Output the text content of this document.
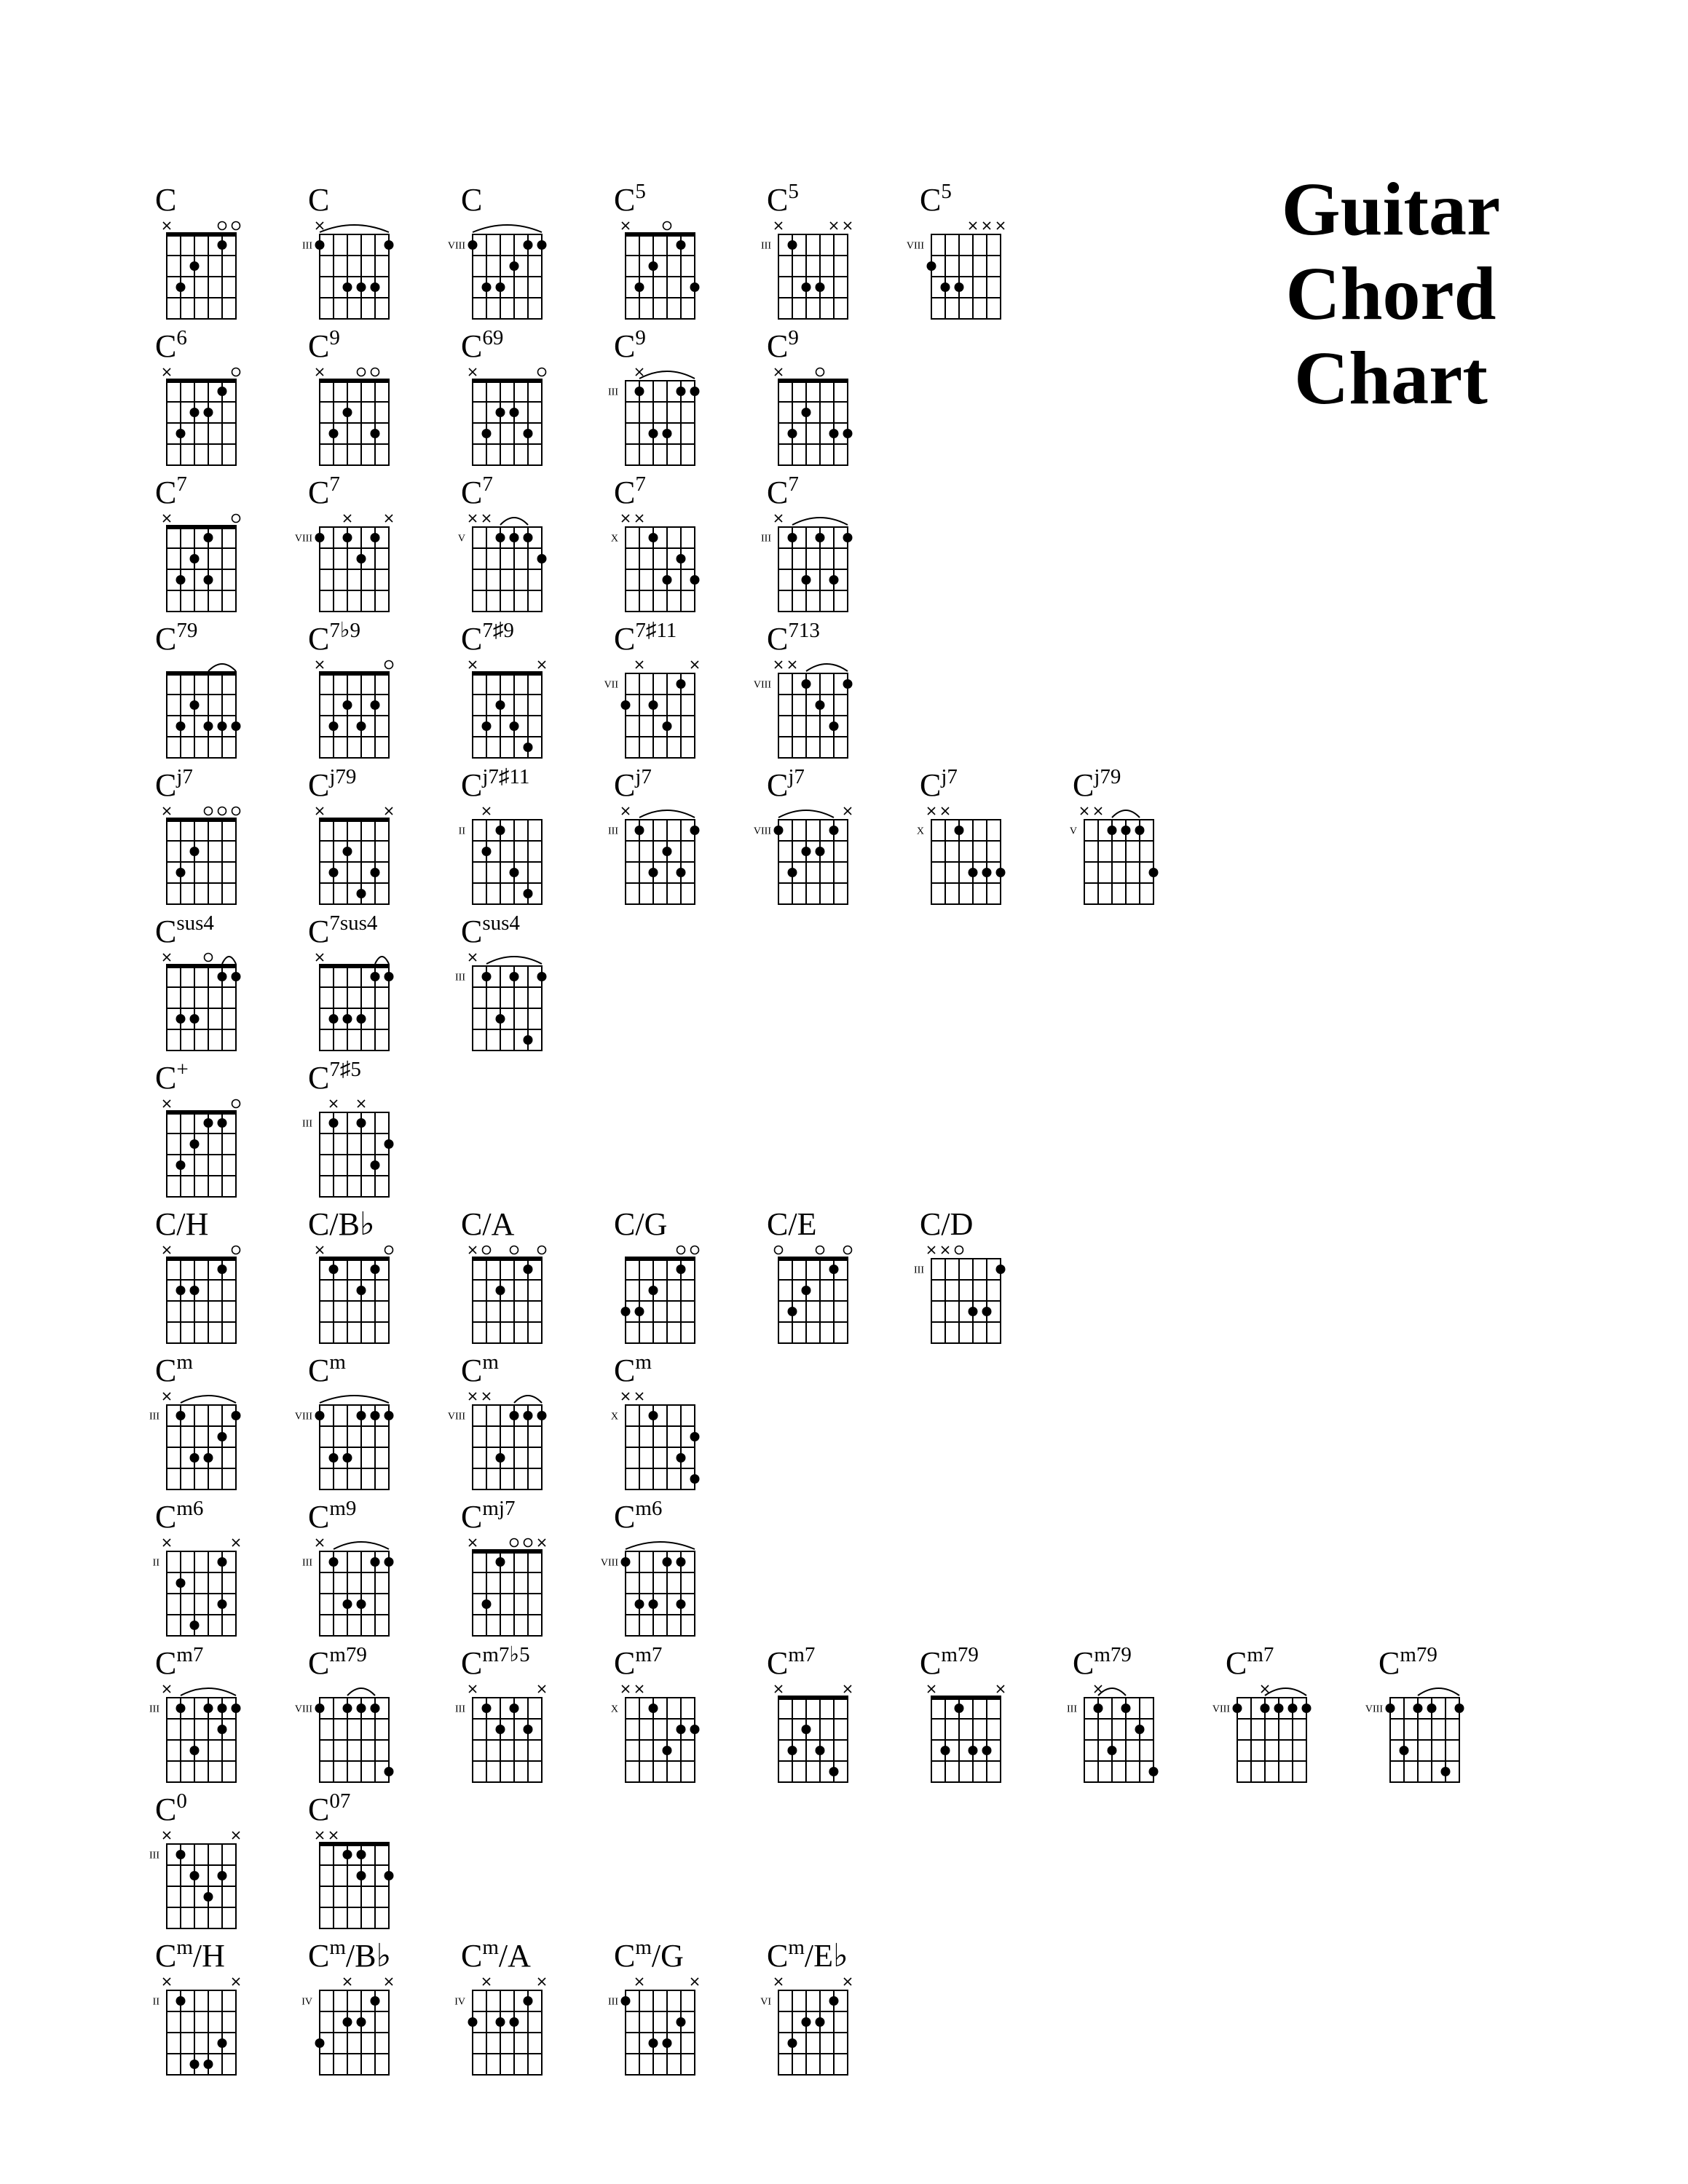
C	C
III
C
VIII
$C^5$	$C^5$
III
$C^5$
VIII
$C^6$	$C^9$	$C^{69}$	$C^9$
III
$C^9$
$C^7$	$C^7$
VIII
$C^7$
V
$C^7$
X
$C^7$
III
$C^{79}$	$C^{7♭9}$	$C^{7♯9}$	$C^{7♯11}$
VII
$C^{713}$
VIII
$C^{j7}$	$C^{j79}$	$C^{j7♯11}$
II
$C^{j7}$
III
$C^{j7}$
VIII
$C^{j7}$
X
$C^{j79}$
V
$C^{sus4}$	$C^{7sus4}$	$C^{sus4}$
III
C+	$C^{7♯5}$
III
C/H	C/B♭	C/A	C/G	C/E	C/D
III
$C^m$
III
$C^m$
VIII
$C^m$
VIII
$C^m$
X
$C^{m6}$
II
$C^{m9}$
III
$C^{mj7}$	$C^{m6}$
VIII
$C^{m7}$
III
$C^{m79}$
VIII
$C^{m7♭5}$
III
$C^{m7}$
X
$C^{m7}$	$C^{m79}$	$C^{m79}$
III
$C^{m7}$
VIII
$C^{m79}$
VIII
$C^0$
III
$C^{07}$
$C^m/H$
II
$C^m/B♭$
IV
$C^m/A$
IV
$C^m/G$
III
$C^m/E♭$
VI
Guitar
Chord
Chart
